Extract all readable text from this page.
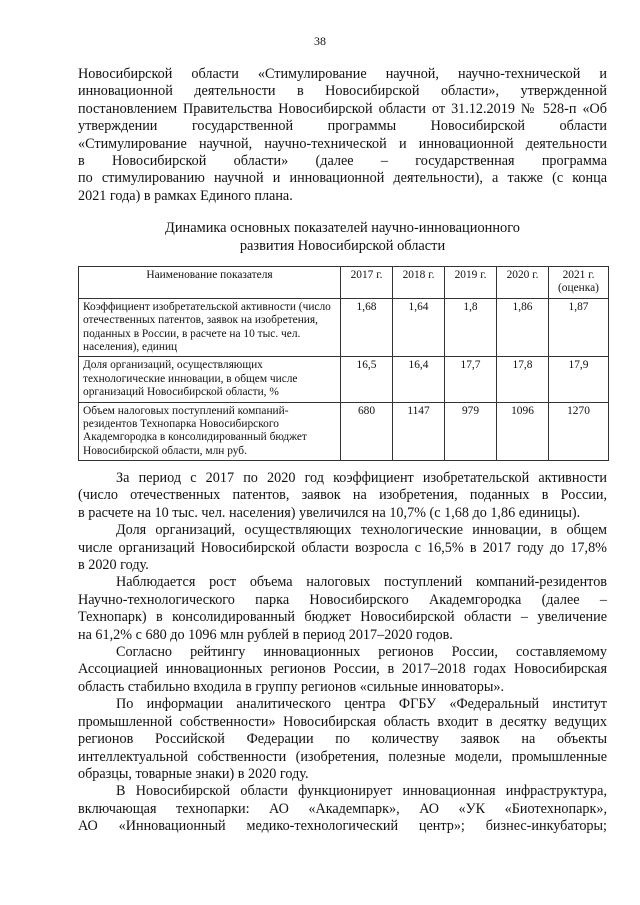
38
Новосибирской области «Стимулирование научной, научно-технической и
инновационной деятельности в Новосибирской области», утвержденной
постановлением Правительства Новосибирской области от 31.12.2019 № 528-п «Об
утверждении государственной программы Новосибирской области
«Стимулирование научной, научно-технической и инновационной деятельности
в Новосибирской области» (далее – государственная программа
по стимулированию научной и инновационной деятельности), а также (с конца
2021 года) в рамках Единого плана.
Динамика основных показателей научно-инновационного
развития Новосибирской области
Наименование показателя	2017 г.	2018 г.	2019 г.	2020 г.	2021 г. (оценка)
Коэффициент изобретательской активности (число отечественных патентов, заявок на изобретения, поданных в России, в расчете на 10 тыс. чел. населения), единиц	1,68	1,64	1,8	1,86	1,87
Доля организаций, осуществляющих технологические инновации, в общем числе организаций Новосибирской области, %	16,5	16,4	17,7	17,8	17,9
Объем налоговых поступлений компаний-резидентов Технопарка Новосибирского Академгородка в консолидированный бюджет Новосибирской области, млн руб.	680	1147	979	1096	1270
За период с 2017 по 2020 год коэффициент изобретательской активности
(число отечественных патентов, заявок на изобретения, поданных в России,
в расчете на 10 тыс. чел. населения) увеличился на 10,7% (с 1,68 до 1,86 единицы).
Доля организаций, осуществляющих технологические инновации, в общем
числе организаций Новосибирской области возросла с 16,5% в 2017 году до 17,8%
в 2020 году.
Наблюдается рост объема налоговых поступлений компаний-резидентов
Научно-технологического парка Новосибирского Академгородка (далее –
Технопарк) в консолидированный бюджет Новосибирской области – увеличение
на 61,2% с 680 до 1096 млн рублей в период 2017–2020 годов.
Согласно рейтингу инновационных регионов России, составляемому
Ассоциацией инновационных регионов России, в 2017–2018 годах Новосибирская
область стабильно входила в группу регионов «сильные инноваторы».
По информации аналитического центра ФГБУ «Федеральный институт
промышленной собственности» Новосибирская область входит в десятку ведущих
регионов Российской Федерации по количеству заявок на объекты
интеллектуальной собственности (изобретения, полезные модели, промышленные
образцы, товарные знаки) в 2020 году.
В Новосибирской области функционирует инновационная инфраструктура,
включающая технопарки: АО «Академпарк», АО «УК «Биотехнопарк»,
АО «Инновационный медико-технологический центр»; бизнес-инкубаторы;
